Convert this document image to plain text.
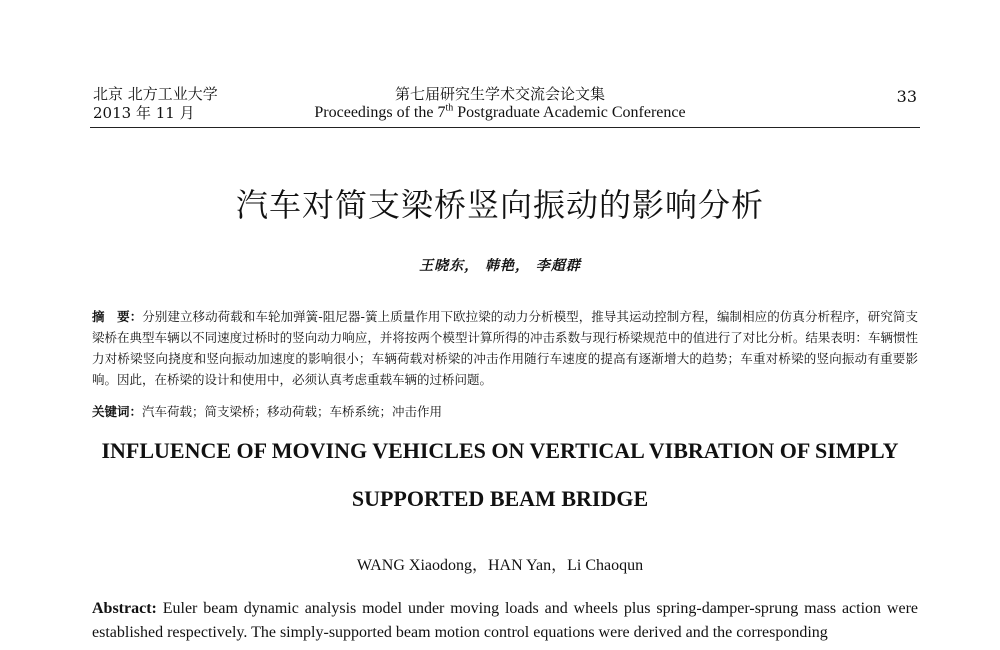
北京 北方工业大学
2013 年 11 月
第七届研究生学术交流会论文集
Proceedings of the 7th Postgraduate Academic Conference
33
汽车对简支梁桥竖向振动的影响分析
王晓东， 韩艳， 李超群
摘　要：分别建立移动荷载和车轮加弹簧-阻尼器-簧上质量作用下欧拉梁的动力分析模型，推导其运动控制方程，编制相应的仿真分析程序，研究简支梁桥在典型车辆以不同速度过桥时的竖向动力响应，并将按两个模型计算所得的冲击系数与现行桥梁规范中的值进行了对比分析。结果表明：车辆惯性力对桥梁竖向挠度和竖向振动加速度的影响很小；车辆荷载对桥梁的冲击作用随行车速度的提高有逐渐增大的趋势；车重对桥梁的竖向振动有重要影响。因此，在桥梁的设计和使用中，必须认真考虑重载车辆的过桥问题。
关键词：汽车荷载；简支梁桥；移动荷载；车桥系统；冲击作用
INFLUENCE OF MOVING VEHICLES ON VERTICAL VIBRATION OF SIMPLY
SUPPORTED BEAM BRIDGE
WANG Xiaodong，HAN Yan，Li Chaoqun
Abstract: Euler beam dynamic analysis model under moving loads and wheels plus spring-damper-sprung mass action were established respectively. The simply-supported beam motion control equations were derived and the corresponding
